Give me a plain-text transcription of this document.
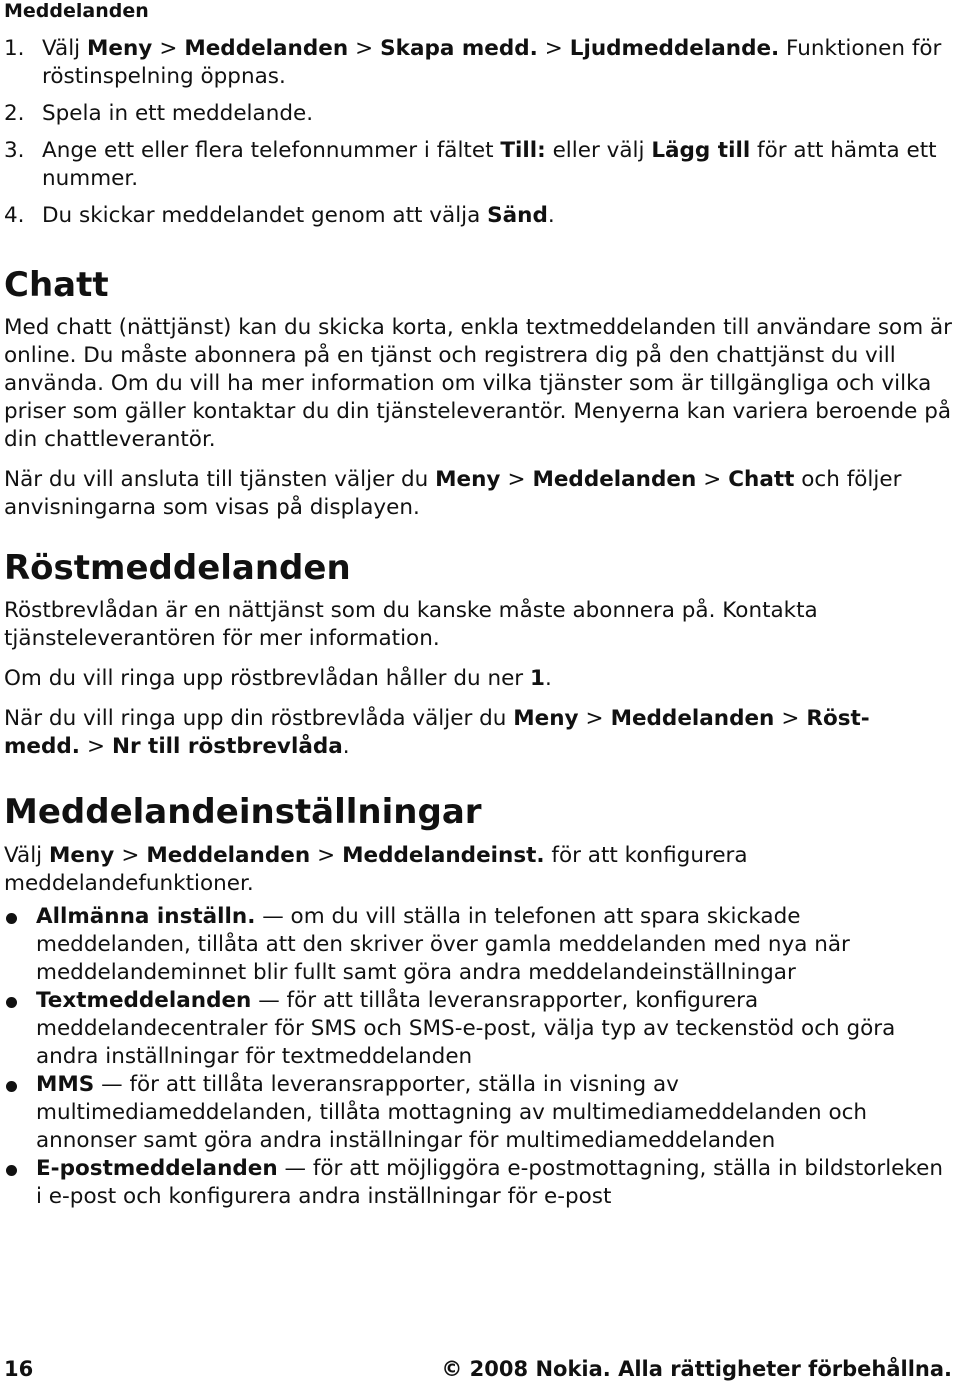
Meddelanden
1. Välj Meny > Meddelanden > Skapa medd. > Ljudmeddelande. Funktionen för röstinspelning öppnas.
2. Spela in ett meddelande.
3. Ange ett eller flera telefonnummer i fältet Till: eller välj Lägg till för att hämta ett nummer.
4. Du skickar meddelandet genom att välja Sänd.
Chatt

Med chatt (nättjänst) kan du skicka korta, enkla textmeddelanden till användare som är online. Du måste abonnera på en tjänst och registrera dig på den chattjänst du vill använda. Om du vill ha mer information om vilka tjänster som är tillgängliga och vilka priser som gäller kontaktar du din tjänsteleverantör. Menyerna kan variera beroende på din chattleverantör.

När du vill ansluta till tjänsten väljer du Meny > Meddelanden > Chatt och följer anvisningarna som visas på displayen.

Röstmeddelanden

Röstbrevlådan är en nättjänst som du kanske måste abonnera på. Kontakta tjänsteleverantören för mer information.

Om du vill ringa upp röstbrevlådan håller du ner 1.

När du vill ringa upp din röstbrevlåda väljer du Meny > Meddelanden > Röst-medd. > Nr till röstbrevlåda.

Meddelandeinställningar

Välj Meny > Meddelanden > Meddelandeinst. för att konfigurera meddelandefunktioner.

Allmänna inställn. — om du vill ställa in telefonen att spara skickade meddelanden, tillåta att den skriver över gamla meddelanden med nya när meddelandeminnet blir fullt samt göra andra meddelandeinställningar
Textmeddelanden — för att tillåta leveransrapporter, konfigurera meddelandecentraler för SMS och SMS-e-post, välja typ av teckenstöd och göra andra inställningar för textmeddelanden
MMS — för att tillåta leveransrapporter, ställa in visning av multimediameddelanden, tillåta mottagning av multimediameddelanden och annonser samt göra andra inställningar för multimediameddelanden
E-postmeddelanden — för att möjliggöra e-postmottagning, ställa in bildstorleken i e-post och konfigurera andra inställningar för e-post
16	© 2008 Nokia. Alla rättigheter förbehållna.
